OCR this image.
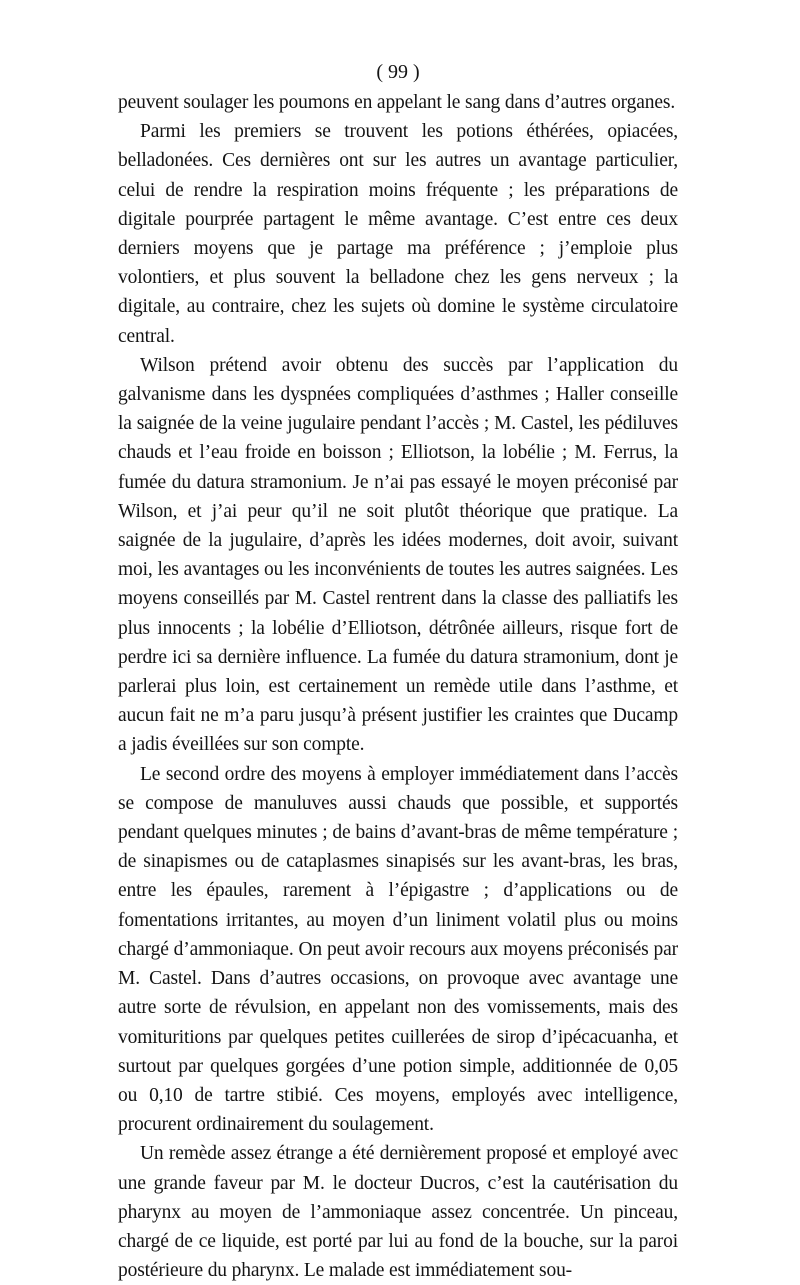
( 99 )

peuvent soulager les poumons en appelant le sang dans d’autres organes.

Parmi les premiers se trouvent les potions éthérées, opiacées, belladonées. Ces dernières ont sur les autres un avantage particulier, celui de rendre la respiration moins fréquente ; les préparations de digitale pourprée partagent le même avantage. C’est entre ces deux derniers moyens que je partage ma préférence ; j’emploie plus volontiers, et plus souvent la belladone chez les gens nerveux ; la digitale, au contraire, chez les sujets où domine le système circulatoire central.

Wilson prétend avoir obtenu des succès par l’application du galvanisme dans les dyspnées compliquées d’asthmes ; Haller conseille la saignée de la veine jugulaire pendant l’accès ; M. Castel, les pédiluves chauds et l’eau froide en boisson ; Elliotson, la lobélie ; M. Ferrus, la fumée du datura stramonium. Je n’ai pas essayé le moyen préconisé par Wilson, et j’ai peur qu’il ne soit plutôt théorique que pratique. La saignée de la jugulaire, d’après les idées modernes, doit avoir, suivant moi, les avantages ou les inconvénients de toutes les autres saignées. Les moyens conseillés par M. Castel rentrent dans la classe des palliatifs les plus innocents ; la lobélie d’Elliotson, détrônée ailleurs, risque fort de perdre ici sa dernière influence. La fumée du datura stramonium, dont je parlerai plus loin, est certainement un remède utile dans l’asthme, et aucun fait ne m’a paru jusqu’à présent justifier les craintes que Ducamp a jadis éveillées sur son compte.

Le second ordre des moyens à employer immédiatement dans l’accès se compose de manuluves aussi chauds que possible, et supportés pendant quelques minutes ; de bains d’avant-bras de même température ; de sinapismes ou de cataplasmes sinapisés sur les avant-bras, les bras, entre les épaules, rarement à l’épigastre ; d’applications ou de fomentations irritantes, au moyen d’un liniment volatil plus ou moins chargé d’ammoniaque. On peut avoir recours aux moyens préconisés par M. Castel. Dans d’autres occasions, on provoque avec avantage une autre sorte de révulsion, en appelant non des vomissements, mais des vomituritions par quelques petites cuillerées de sirop d’ipécacuanha, et surtout par quelques gorgées d’une potion simple, additionnée de 0,05 ou 0,10 de tartre stibié. Ces moyens, employés avec intelligence, procurent ordinairement du soulagement.

Un remède assez étrange a été dernièrement proposé et employé avec une grande faveur par M. le docteur Ducros, c’est la cautérisation du pharynx au moyen de l’ammoniaque assez concentrée. Un pinceau, chargé de ce liquide, est porté par lui au fond de la bouche, sur la paroi postérieure du pharynx. Le malade est immédiatement sou-
